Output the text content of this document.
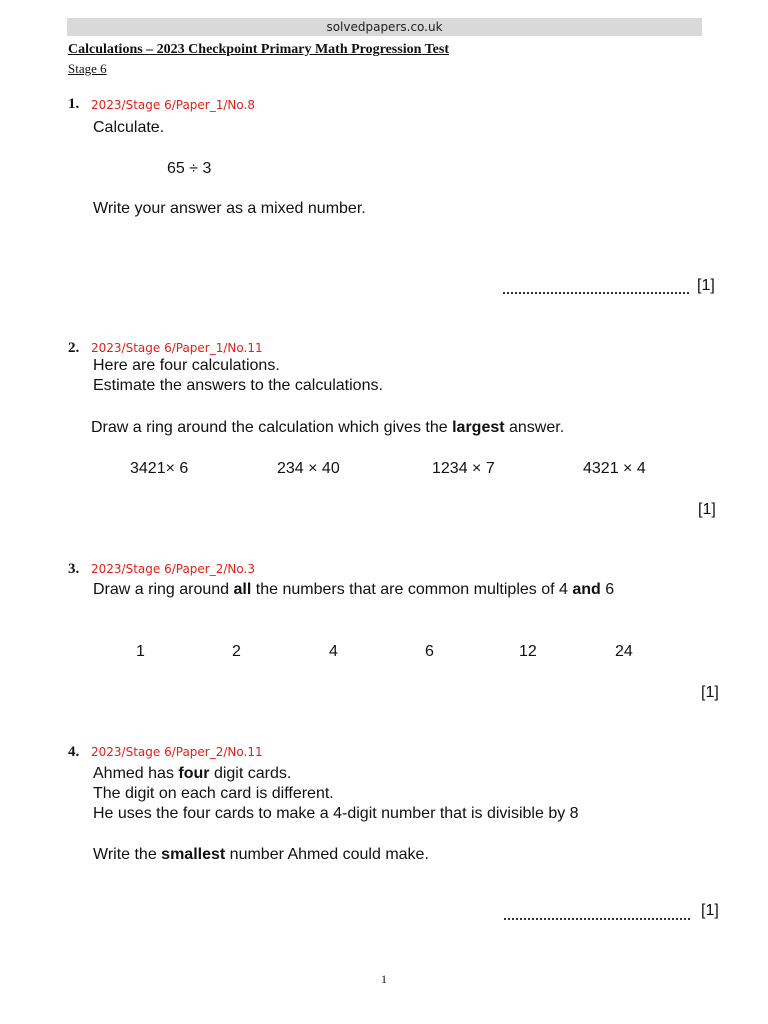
solvedpapers.co.uk
Calculations – 2023 Checkpoint Primary Math Progression Test
Stage 6
1. 2023/Stage 6/Paper_1/No.8
Calculate.
65 ÷ 3
Write your answer as a mixed number.
[1]
2. 2023/Stage 6/Paper_1/No.11
Here are four calculations.
Estimate the answers to the calculations.
Draw a ring around the calculation which gives the largest answer.
3421× 6	234 × 40	1234 × 7	4321 × 4
[1]
3. 2023/Stage 6/Paper_2/No.3
Draw a ring around all the numbers that are common multiples of 4 and 6
1	2	4	6	12	24
[1]
4. 2023/Stage 6/Paper_2/No.11
Ahmed has four digit cards.
The digit on each card is different.
He uses the four cards to make a 4-digit number that is divisible by 8
Write the smallest number Ahmed could make.
[1]
1
